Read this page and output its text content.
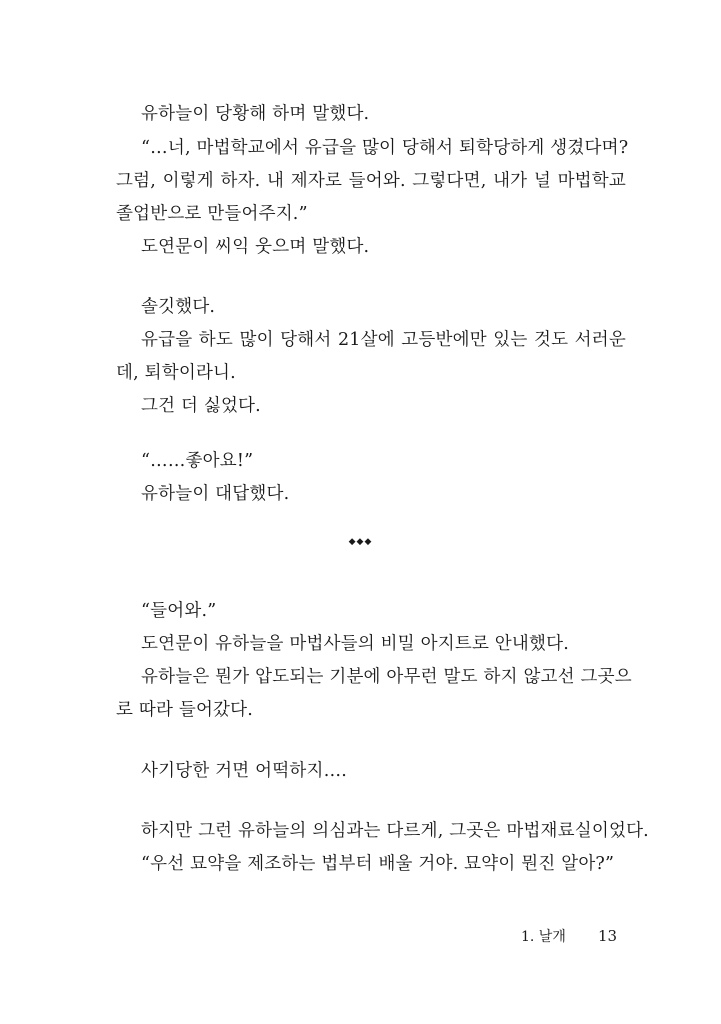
유하늘이 당황해 하며 말했다.
“…너, 마법학교에서 유급을 많이 당해서 퇴학당하게 생겼다며?
그럼, 이렇게 하자. 내 제자로 들어와. 그렇다면, 내가 널 마법학교
졸업반으로 만들어주지.”
도연문이 씨익 웃으며 말했다.
솔깃했다.
유급을 하도 많이 당해서 21살에 고등반에만 있는 것도 서러운
데, 퇴학이라니.
그건 더 싫었다.
“……좋아요!”
유하늘이 대답했다.
◆◆◆
“들어와.”
도연문이 유하늘을 마법사들의 비밀 아지트로 안내했다.
유하늘은 뭔가 압도되는 기분에 아무런 말도 하지 않고선 그곳으
로 따라 들어갔다.
사기당한 거면 어떡하지….
하지만 그런 유하늘의 의심과는 다르게, 그곳은 마법재료실이었다.
“우선 묘약을 제조하는 법부터 배울 거야. 묘약이 뭔진 알아?”
1. 날개 13
